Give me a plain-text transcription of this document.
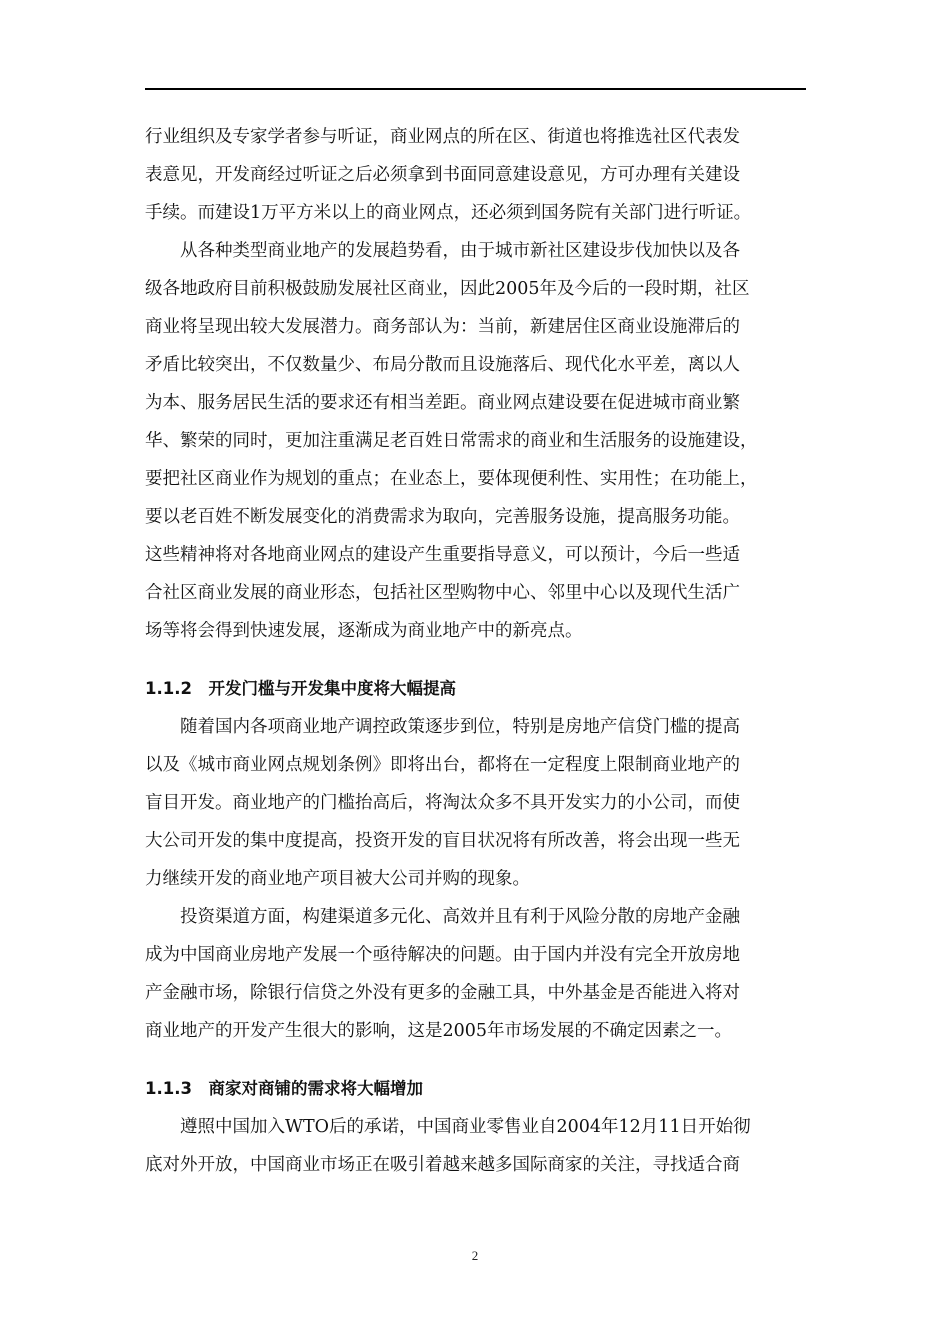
行业组织及专家学者参与听证，商业网点的所在区、街道也将推选社区代表发
表意见，开发商经过听证之后必须拿到书面同意建设意见，方可办理有关建设
手续。而建设1万平方米以上的商业网点，还必须到国务院有关部门进行听证。
从各种类型商业地产的发展趋势看，由于城市新社区建设步伐加快以及各
级各地政府目前积极鼓励发展社区商业，因此2005年及今后的一段时期，社区
商业将呈现出较大发展潜力。商务部认为：当前，新建居住区商业设施滞后的
矛盾比较突出，不仅数量少、布局分散而且设施落后、现代化水平差，离以人
为本、服务居民生活的要求还有相当差距。商业网点建设要在促进城市商业繁
华、繁荣的同时，更加注重满足老百姓日常需求的商业和生活服务的设施建设，
要把社区商业作为规划的重点；在业态上，要体现便利性、实用性；在功能上，
要以老百姓不断发展变化的消费需求为取向，完善服务设施，提高服务功能。
这些精神将对各地商业网点的建设产生重要指导意义，可以预计，今后一些适
合社区商业发展的商业形态，包括社区型购物中心、邻里中心以及现代生活广
场等将会得到快速发展，逐渐成为商业地产中的新亮点。
1.1.2　开发门槛与开发集中度将大幅提高
随着国内各项商业地产调控政策逐步到位，特别是房地产信贷门槛的提高
以及《城市商业网点规划条例》即将出台，都将在一定程度上限制商业地产的
盲目开发。商业地产的门槛抬高后，将淘汰众多不具开发实力的小公司，而使
大公司开发的集中度提高，投资开发的盲目状况将有所改善，将会出现一些无
力继续开发的商业地产项目被大公司并购的现象。
投资渠道方面，构建渠道多元化、高效并且有利于风险分散的房地产金融
成为中国商业房地产发展一个亟待解决的问题。由于国内并没有完全开放房地
产金融市场，除银行信贷之外没有更多的金融工具，中外基金是否能进入将对
商业地产的开发产生很大的影响，这是2005年市场发展的不确定因素之一。
1.1.3　商家对商铺的需求将大幅增加
遵照中国加入WTO后的承诺，中国商业零售业自2004年12月11日开始彻
底对外开放，中国商业市场正在吸引着越来越多国际商家的关注，寻找适合商
2
